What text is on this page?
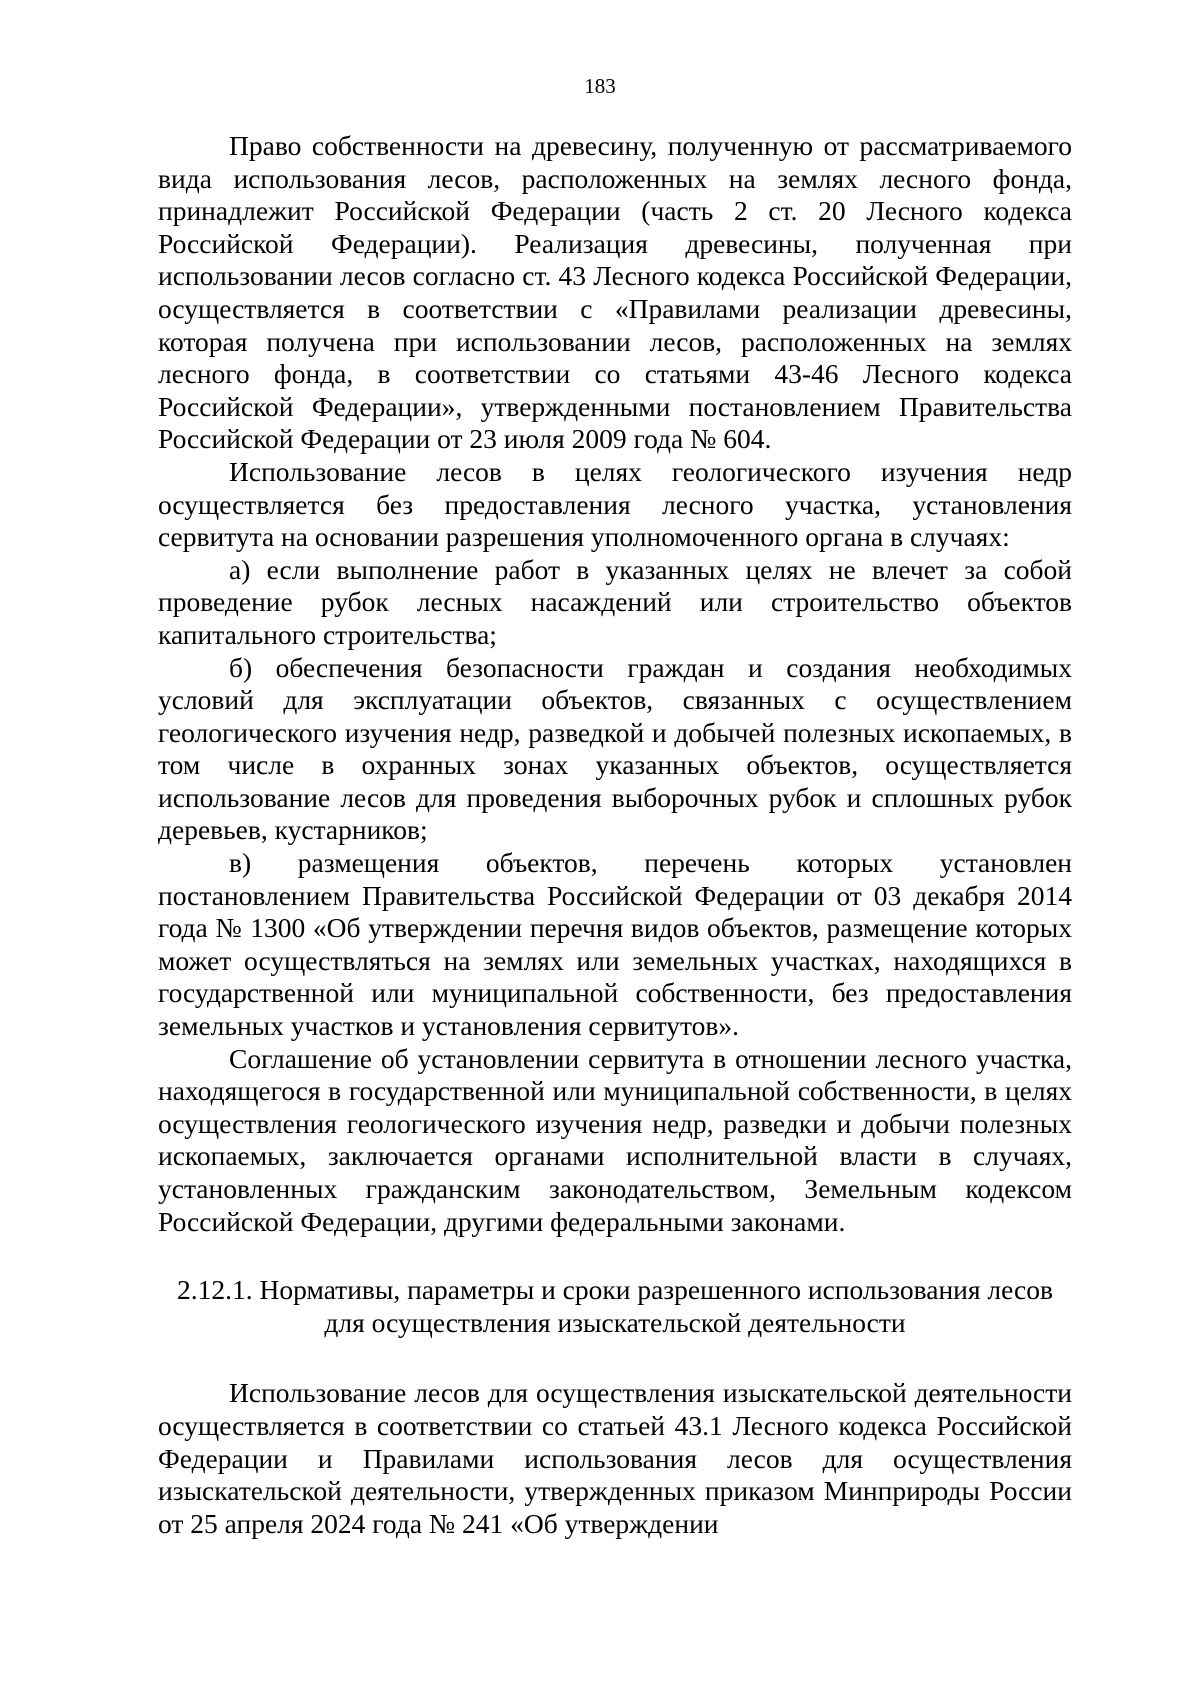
183

Право собственности на древесину, полученную от рассматриваемого вида использования лесов, расположенных на землях лесного фонда, принадлежит Российской Федерации (часть 2 ст. 20 Лесного кодекса Российской Федерации). Реализация древесины, полученная при использовании лесов согласно ст. 43 Лесного кодекса Российской Федерации, осуществляется в соответствии с «Правилами реализации древесины, которая получена при использовании лесов, расположенных на землях лесного фонда, в соответствии со статьями 43-46 Лесного кодекса Российской Федерации», утвержденными постановлением Правительства Российской Федерации от 23 июля 2009 года № 604.

Использование лесов в целях геологического изучения недр осуществляется без предоставления лесного участка, установления сервитута на основании разрешения уполномоченного органа в случаях:

а) если выполнение работ в указанных целях не влечет за собой проведение рубок лесных насаждений или строительство объектов капитального строительства;

б) обеспечения безопасности граждан и создания необходимых условий для эксплуатации объектов, связанных с осуществлением геологического изучения недр, разведкой и добычей полезных ископаемых, в том числе в охранных зонах указанных объектов, осуществляется использование лесов для проведения выборочных рубок и сплошных рубок деревьев, кустарников;

в) размещения объектов, перечень которых установлен постановлением Правительства Российской Федерации от 03 декабря 2014 года № 1300 «Об утверждении перечня видов объектов, размещение которых может осуществляться на землях или земельных участках, находящихся в государственной или муниципальной собственности, без предоставления земельных участков и установления сервитутов».

Соглашение об установлении сервитута в отношении лесного участка, находящегося в государственной или муниципальной собственности, в целях осуществления геологического изучения недр, разведки и добычи полезных ископаемых, заключается органами исполнительной власти в случаях, установленных гражданским законодательством, Земельным кодексом Российской Федерации, другими федеральными законами.

2.12.1. Нормативы, параметры и сроки разрешенного использования лесов для осуществления изыскательской деятельности

Использование лесов для осуществления изыскательской деятельности осуществляется в соответствии со статьей 43.1 Лесного кодекса Российской Федерации и Правилами использования лесов для осуществления изыскательской деятельности, утвержденных приказом Минприроды России от 25 апреля 2024 года № 241 «Об утверждении
